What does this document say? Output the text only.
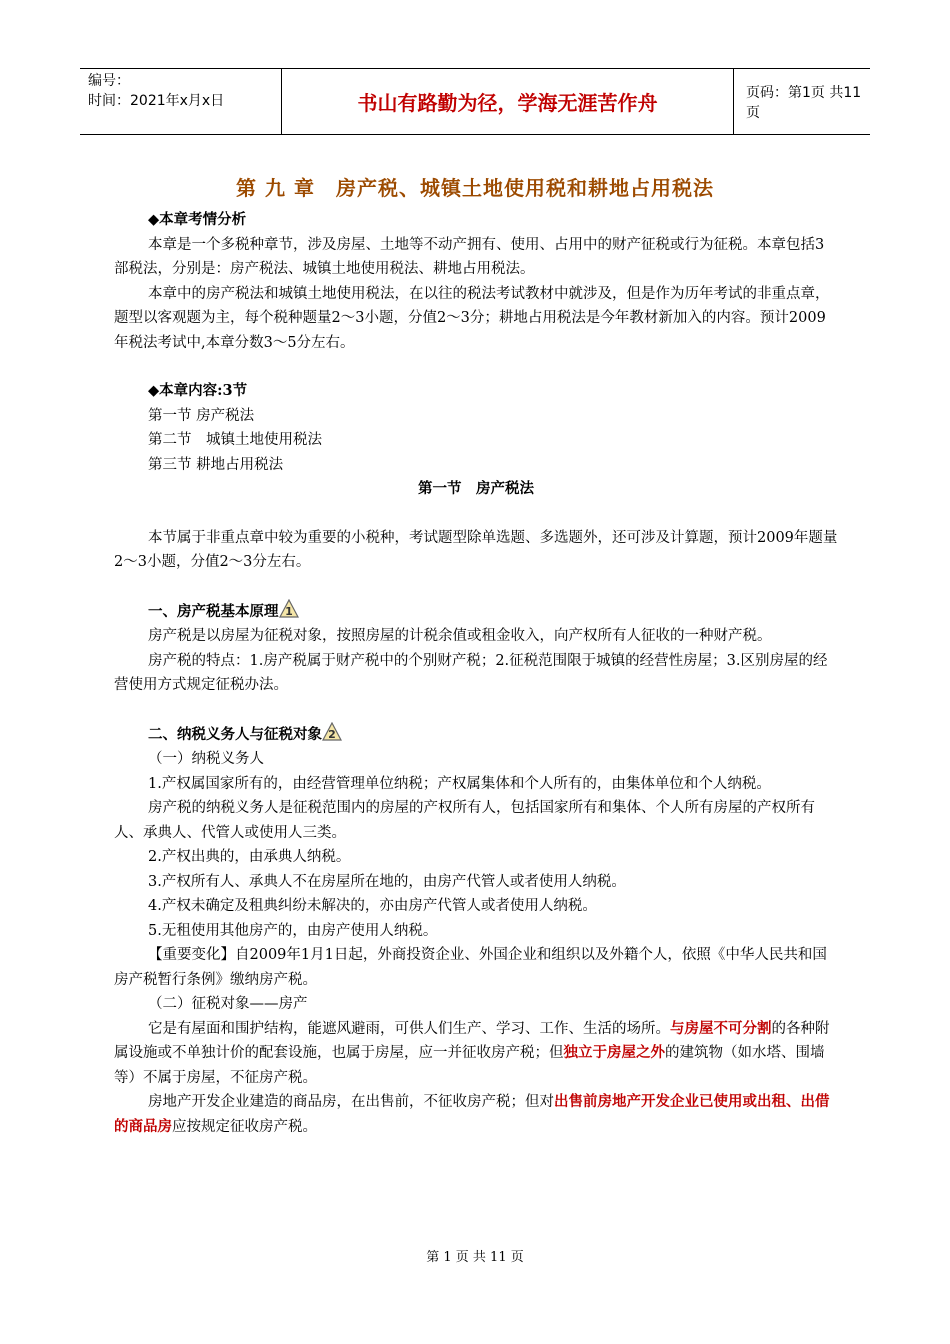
编号：
时间：2021年x月x日	书山有路勤为径，学海无涯苦作舟	页码：第1页 共11页
第 九 章　房产税、城镇土地使用税和耕地占用税法

◆本章考情分析

本章是一个多税种章节，涉及房屋、土地等不动产拥有、使用、占用中的财产征税或行为征税。本章包括3部税法，分别是：房产税法、城镇土地使用税法、耕地占用税法。

本章中的房产税法和城镇土地使用税法，在以往的税法考试教材中就涉及，但是作为历年考试的非重点章，题型以客观题为主，每个税种题量2～3小题，分值2～3分；耕地占用税法是今年教材新加入的内容。预计2009年税法考试中,本章分数3～5分左右。

◆本章内容:3节

第一节 房产税法

第二节　城镇土地使用税法

第三节 耕地占用税法

第一节　房产税法

本节属于非重点章中较为重要的小税种，考试题型除单选题、多选题外，还可涉及计算题，预计2009年题量2～3小题，分值2～3分左右。

一、房产税基本原理 1

房产税是以房屋为征税对象，按照房屋的计税余值或租金收入，向产权所有人征收的一种财产税。

房产税的特点：1.房产税属于财产税中的个别财产税；2.征税范围限于城镇的经营性房屋；3.区别房屋的经营使用方式规定征税办法。

二、纳税义务人与征税对象 2

（一）纳税义务人

1.产权属国家所有的，由经营管理单位纳税；产权属集体和个人所有的，由集体单位和个人纳税。

房产税的纳税义务人是征税范围内的房屋的产权所有人，包括国家所有和集体、个人所有房屋的产权所有人、承典人、代管人或使用人三类。

2.产权出典的，由承典人纳税。

3.产权所有人、承典人不在房屋所在地的，由房产代管人或者使用人纳税。

4.产权未确定及租典纠纷未解决的，亦由房产代管人或者使用人纳税。

5.无租使用其他房产的，由房产使用人纳税。

【重要变化】自2009年1月1日起，外商投资企业、外国企业和组织以及外籍个人，依照《中华人民共和国房产税暂行条例》缴纳房产税。

（二）征税对象——房产

它是有屋面和围护结构，能遮风避雨，可供人们生产、学习、工作、生活的场所。与房屋不可分割的各种附属设施或不单独计价的配套设施，也属于房屋，应一并征收房产税；但独立于房屋之外的建筑物（如水塔、围墙等）不属于房屋，不征房产税。

房地产开发企业建造的商品房，在出售前，不征收房产税；但对出售前房地产开发企业已使用或出租、出借的商品房应按规定征收房产税。

第 1 页 共 11 页
